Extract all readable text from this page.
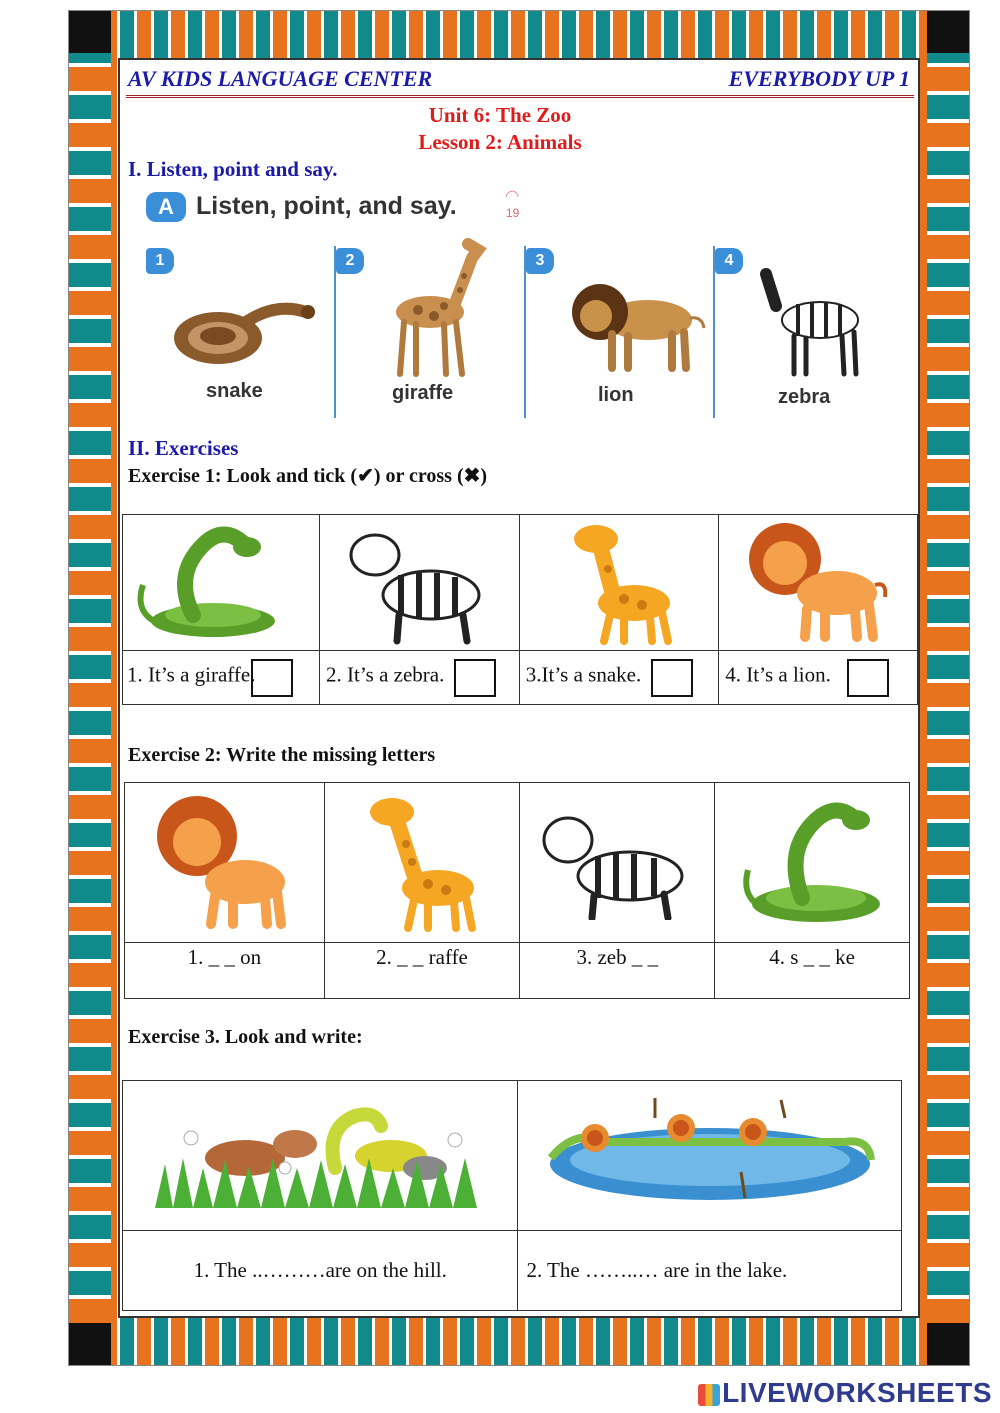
AV KIDS LANGUAGE CENTER	EVERYBODY UP 1
Unit 6: The Zoo
Lesson 2: Animals
I. Listen, point and say.
A Listen, point, and say.	◜◝
19
1	2	3	4
snake	giraffe	lion	zebra
II. Exercises
Exercise 1: Look and tick (✔) or cross (✖)

1. It’s a giraffe.	2. It’s a zebra.	3.It’s a snake.	4. It’s a lion.
Exercise 2: Write the missing letters

1. _ _ on	2. _ _ raffe	3. zeb _ _	4. s _ _ ke
Exercise 3. Look and write:

1. The ..………are on the hill.	2. The ……..… are in the lake.
LIVEWORKSHEETS
